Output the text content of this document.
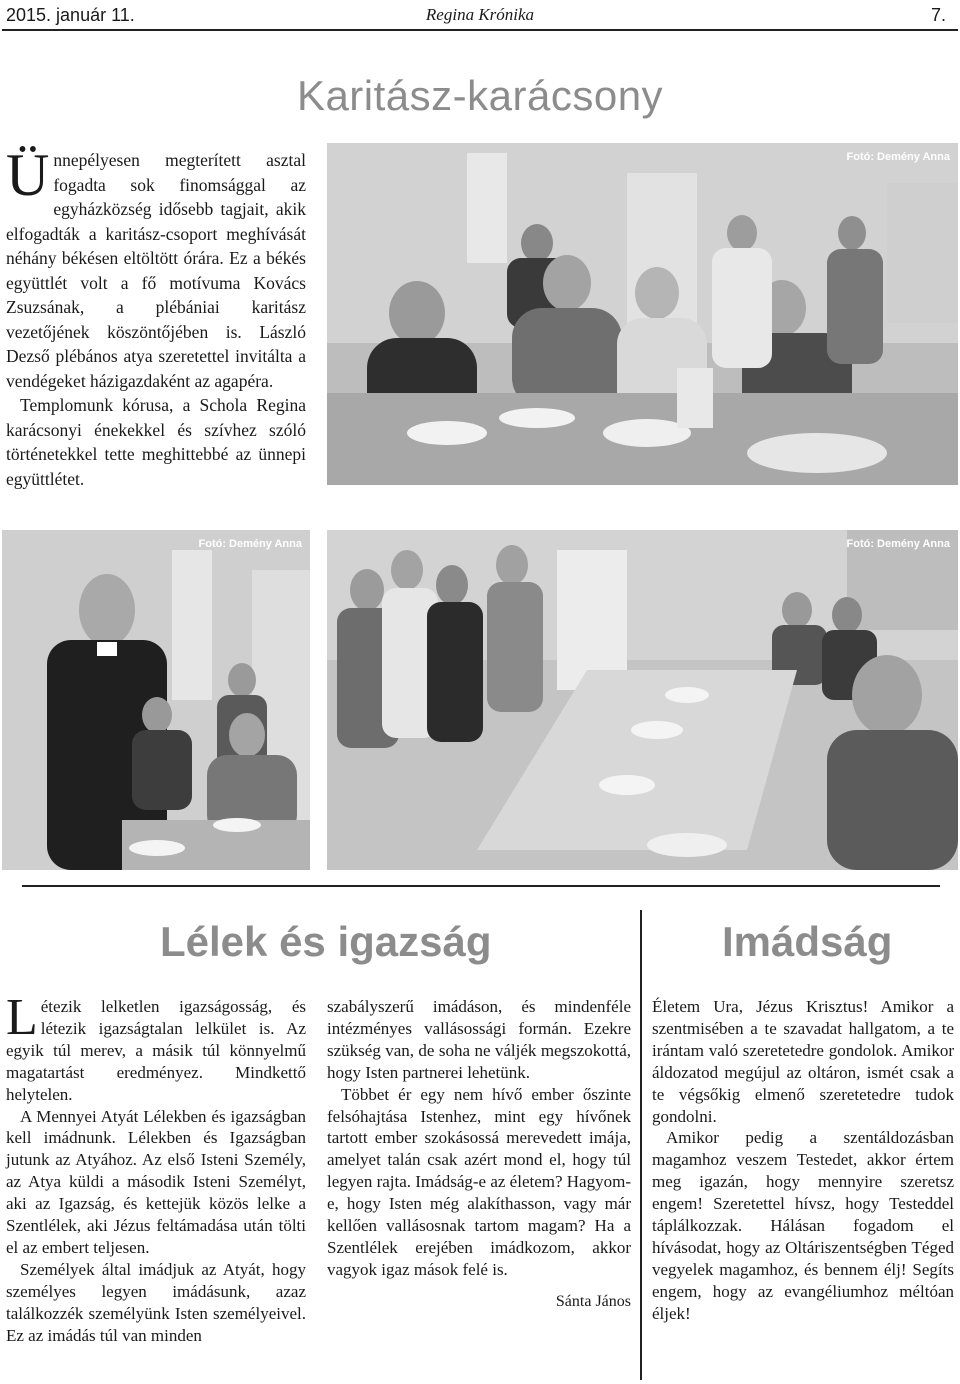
2015. január 11.	Regina Krónika	7.
Karitász-karácsony

Ünnepélyesen megterített asztal fogadta sok finomsággal az egyházközség idősebb tagjait, akik elfogadták a karitász-csoport meghívását néhány békésen eltöltött órára. Ez a békés együttlét volt a fő motívuma Kovács Zsuzsának, a plébániai karitász vezetőjének köszöntőjében is. László Dezső plébános atya szeretettel invitálta a vendégeket házigazdaként az agapéra.

Templomunk kórusa, a Schola Regina karácsonyi énekekkel és szívhez szóló történetekkel tette meghittebbé az ünnepi együttlétet.

Fotó: Demény Anna
Fotó: Demény Anna	Fotó: Demény Anna
Lélek és igazság

Létezik lelketlen igazságosság, és létezik igazságtalan lelkület is. Az egyik túl merev, a másik túl könnyelmű magatartást eredményez. Mindkettő helytelen.

A Mennyei Atyát Lélekben és igazságban kell imádnunk. Lélekben és Igazságban jutunk az Atyához. Az első Isteni Személy, az Atya küldi a második Isteni Személyt, aki az Igazság, és kettejük közös lelke a Szentlélek, aki Jézus feltámadása után tölti el az embert teljesen.

Személyek által imádjuk az Atyát, hogy személyes legyen imádásunk, azaz találkozzék személyünk Isten személyeivel. Ez az imádás túl van minden

szabályszerű imádáson, és mindenféle intézményes vallásossági formán. Ezekre szükség van, de soha ne váljék megszokottá, hogy Isten partnerei lehetünk.

Többet ér egy nem hívő ember őszinte felsóhajtása Istenhez, mint egy hívőnek tartott ember szokásossá merevedett imája, amelyet talán csak azért mond el, hogy túl legyen rajta. Imádság-e az életem? Hagyom-e, hogy Isten még alakíthasson, vagy már kellően vallásosnak tartom magam? Ha a Szentlélek erejében imádkozom, akkor vagyok igaz mások felé is.

Sánta János
Imádság

Életem Ura, Jézus Krisztus! Amikor a szentmisében a te szavadat hallgatom, a te irántam való szeretetedre gondolok. Amikor áldozatod megújul az oltáron, ismét csak a te végsőkig elmenő szeretetedre tudok gondolni.

Amikor pedig a szentáldozásban magamhoz veszem Testedet, akkor értem meg igazán, hogy mennyire szeretsz engem! Szeretettel hívsz, hogy Testeddel táplálkozzak. Hálásan fogadom el hívásodat, hogy az Oltáriszentségben Téged vegyelek magamhoz, és bennem élj! Segíts engem, hogy az evangéliumhoz méltóan éljek!
